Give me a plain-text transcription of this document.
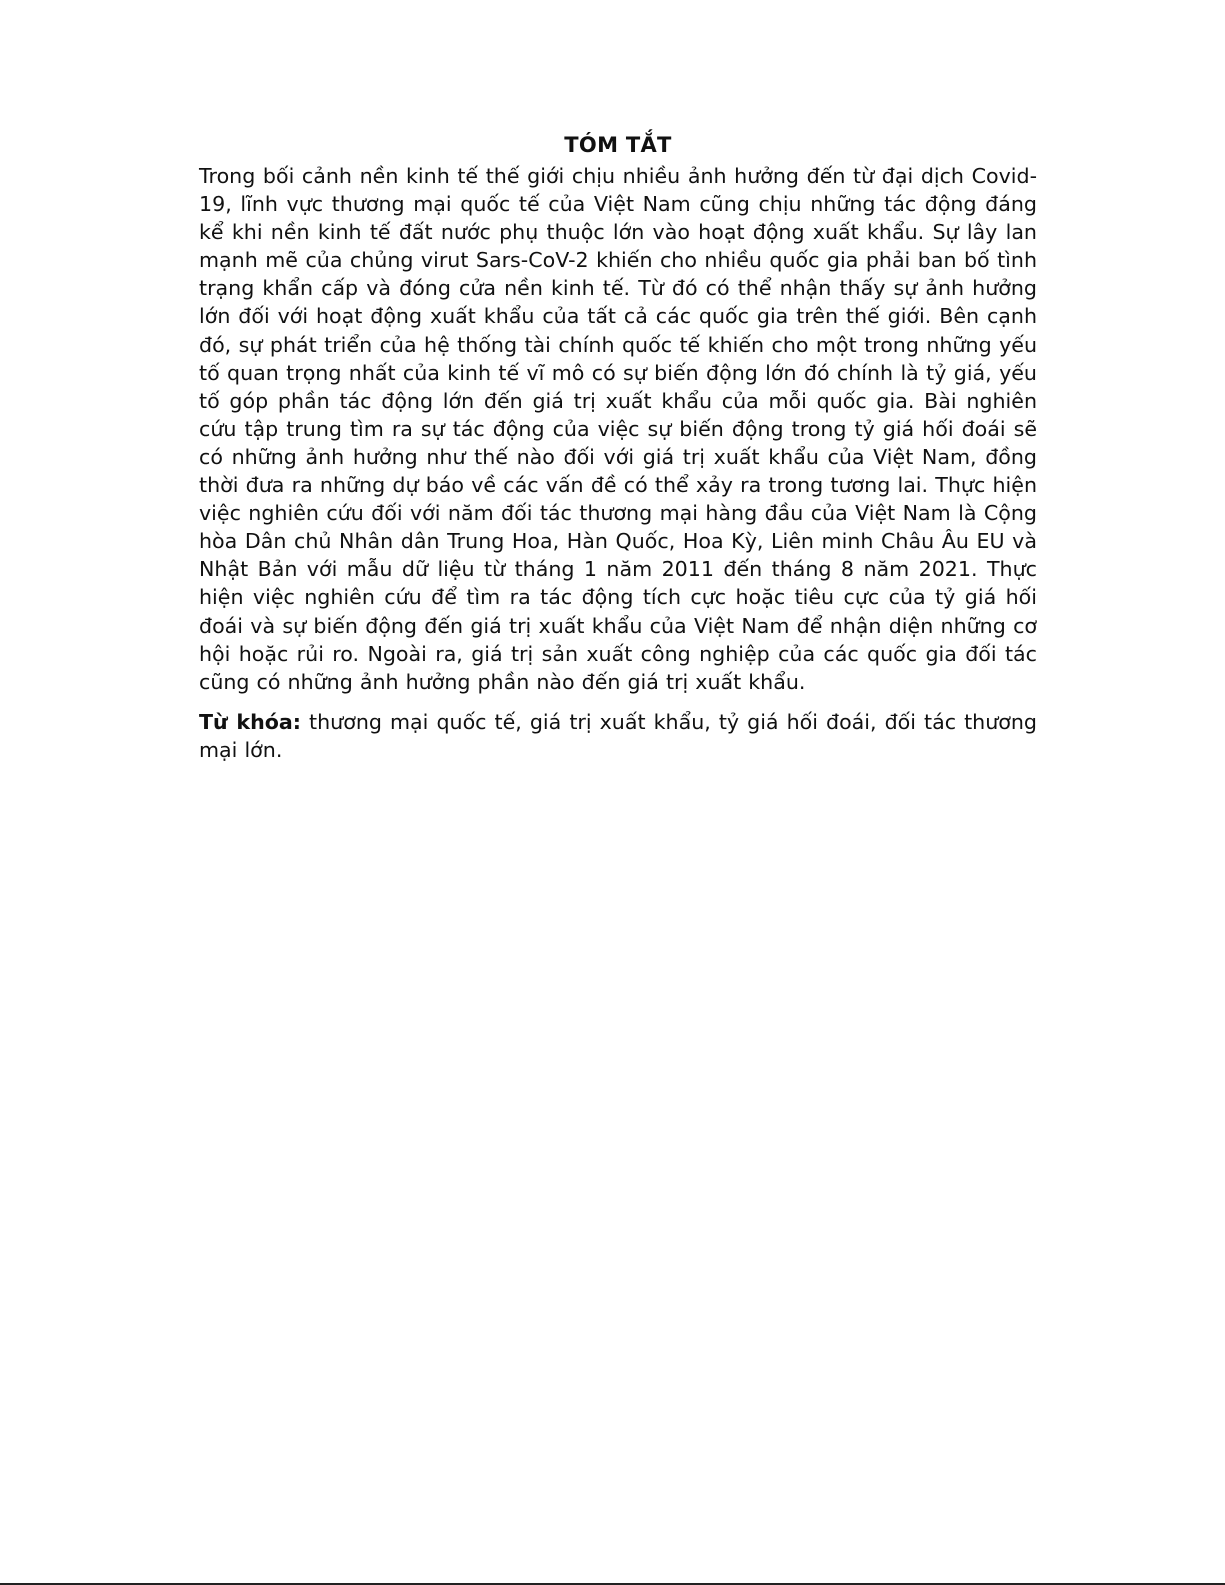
TÓM TẮT

Trong bối cảnh nền kinh tế thế giới chịu nhiều ảnh hưởng đến từ đại dịch Covid-19, lĩnh vực thương mại quốc tế của Việt Nam cũng chịu những tác động đáng kể khi nền kinh tế đất nước phụ thuộc lớn vào hoạt động xuất khẩu. Sự lây lan mạnh mẽ của chủng virut Sars-CoV-2 khiến cho nhiều quốc gia phải ban bố tình trạng khẩn cấp và đóng cửa nền kinh tế. Từ đó có thể nhận thấy sự ảnh hưởng lớn đối với hoạt động xuất khẩu của tất cả các quốc gia trên thế giới. Bên cạnh đó, sự phát triển của hệ thống tài chính quốc tế khiến cho một trong những yếu tố quan trọng nhất của kinh tế vĩ mô có sự biến động lớn đó chính là tỷ giá, yếu tố góp phần tác động lớn đến giá trị xuất khẩu của mỗi quốc gia. Bài nghiên cứu tập trung tìm ra sự tác động của việc sự biến động trong tỷ giá hối đoái sẽ có những ảnh hưởng như thế nào đối với giá trị xuất khẩu của Việt Nam, đồng thời đưa ra những dự báo về các vấn đề có thể xảy ra trong tương lai. Thực hiện việc nghiên cứu đối với năm đối tác thương mại hàng đầu của Việt Nam là Cộng hòa Dân chủ Nhân dân Trung Hoa, Hàn Quốc, Hoa Kỳ, Liên minh Châu Âu EU và Nhật Bản với mẫu dữ liệu từ tháng 1 năm 2011 đến tháng 8 năm 2021. Thực hiện việc nghiên cứu để tìm ra tác động tích cực hoặc tiêu cực của tỷ giá hối đoái và sự biến động đến giá trị xuất khẩu của Việt Nam để nhận diện những cơ hội hoặc rủi ro. Ngoài ra, giá trị sản xuất công nghiệp của các quốc gia đối tác cũng có những ảnh hưởng phần nào đến giá trị xuất khẩu.

Từ khóa: thương mại quốc tế, giá trị xuất khẩu, tỷ giá hối đoái, đối tác thương mại lớn.
